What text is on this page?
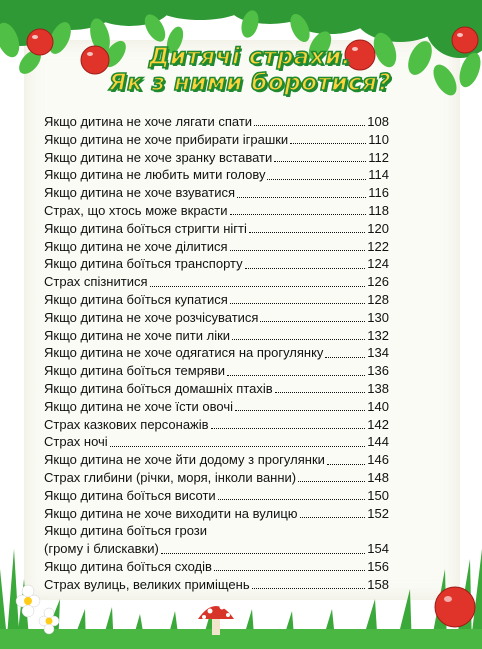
Дитячі страхи.
Як з ними боротися?
Якщо дитина не хоче лягати спати	108
Якщо дитина не хоче прибирати іграшки	110
Якщо дитина не хоче зранку вставати	112
Якщо дитина не любить мити голову	114
Якщо дитина не хоче взуватися	116
Страх, що хтось може вкрасти	118
Якщо дитина боїться стригти нігті	120
Якщо дитина не хоче ділитися	122
Якщо дитина боїться транспорту	124
Страх спізнитися	126
Якщо дитина боїться купатися	128
Якщо дитина не хоче розчісуватися	130
Якщо дитина не хоче пити ліки	132
Якщо дитина не хоче одягатися на прогулянку	134
Якщо дитина боїться темряви	136
Якщо дитина боїться домашніх птахів	138
Якщо дитина не хоче їсти овочі	140
Страх казкових персонажів	142
Страх ночі	144
Якщо дитина не хоче йти додому з прогулянки	146
Страх глибини (річки, моря, інколи ванни)	148
Якщо дитина боїться висоти	150
Якщо дитина не хоче виходити на вулицю	152
Якщо дитина боїться грози
(грому і блискавки)	154
Якщо дитина боїться сходів	156
Страх вулиць, великих приміщень	158
